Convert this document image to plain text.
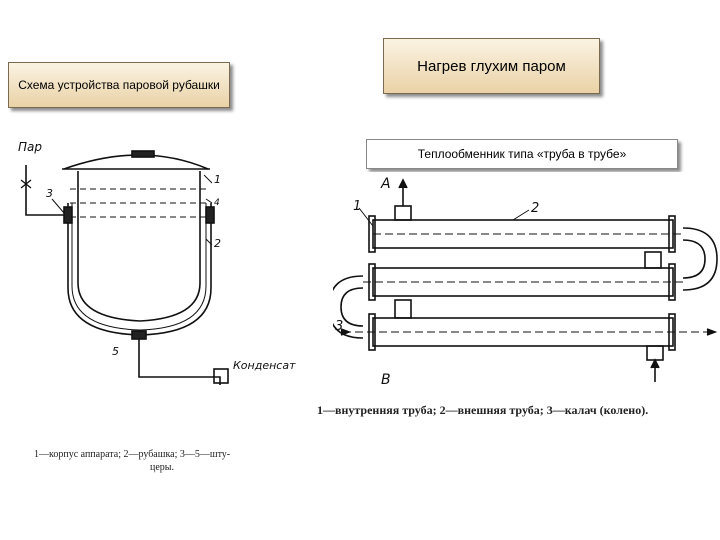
Схема устройства паровой рубашки
Нагрев глухим паром
Теплообменник типа «труба в трубе»
Пар
Конденсат
1
2
3
4
5
1—корпус аппарата; 2—рубашка; 3—5—шту-
церы.
A
B
1	2
3
1—внутренняя труба; 2—внешняя труба; 3—калач (колено).
